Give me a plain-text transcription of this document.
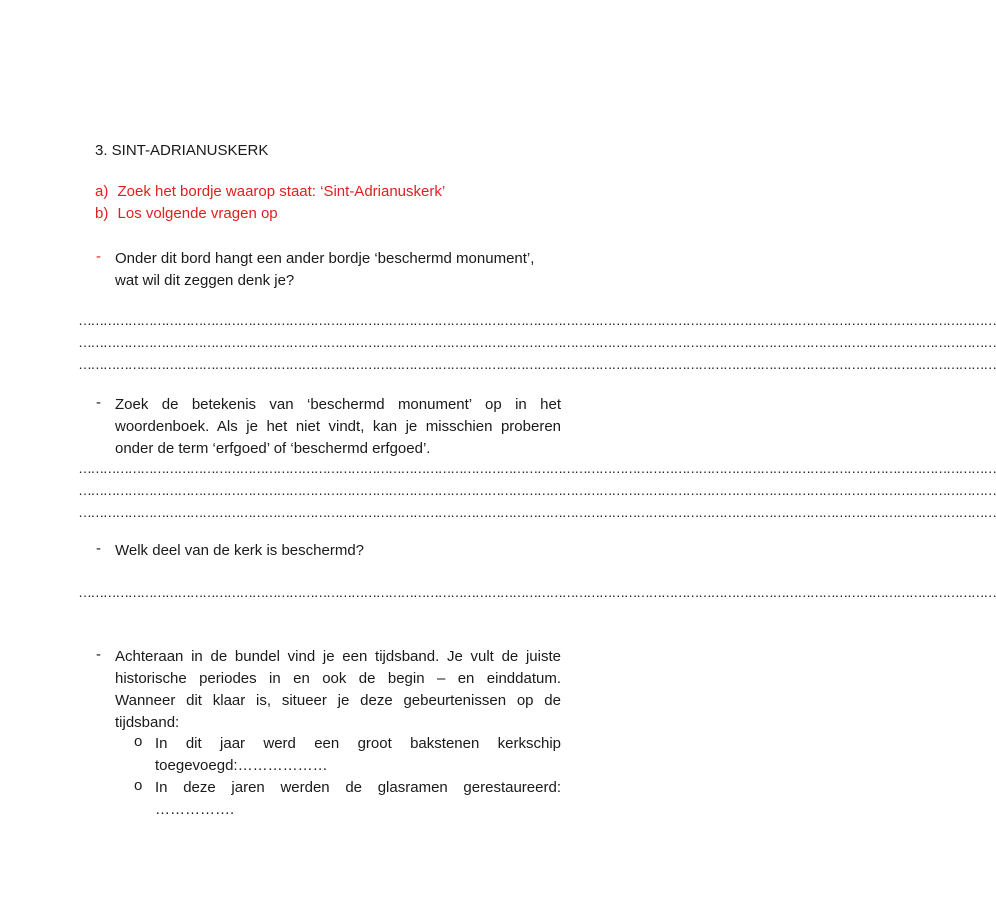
3. SINT-ADRIANUSKERK
a) Zoek het bordje waarop staat: ‘Sint-Adrianuskerk’
b) Los volgende vragen op
- Onder dit bord hangt een ander bordje ‘beschermd monument’,
wat wil dit zeggen denk je?
……………………………………………………………………………………………………………………………………………………………………………………………………
……………………………………………………………………………………………………………………………………………………………………………………………………
……………………………………………………………………………………………………………………………………………………………………………………………………
- Zoek de betekenis van ‘beschermd monument’ op in het
woordenboek. Als je het niet vindt, kan je misschien proberen
onder de term ‘erfgoed’ of ‘beschermd erfgoed’.
……………………………………………………………………………………………………………………………………………………………………………………………………
……………………………………………………………………………………………………………………………………………………………………………………………………
……………………………………………………………………………………………………………………………………………………………………………………………………
- Welk deel van de kerk is beschermd?
……………………………………………………………………………………………………………………………………………………………………………………………………
- Achteraan in de bundel vind je een tijdsband. Je vult de juiste
historische periodes in en ook de begin – en einddatum.
Wanneer dit klaar is, situeer je deze gebeurtenissen op de
tijdsband:
o In dit jaar werd een groot bakstenen kerkschip
toegevoegd:………………
o In deze jaren werden de glasramen gerestaureerd:
…………….
